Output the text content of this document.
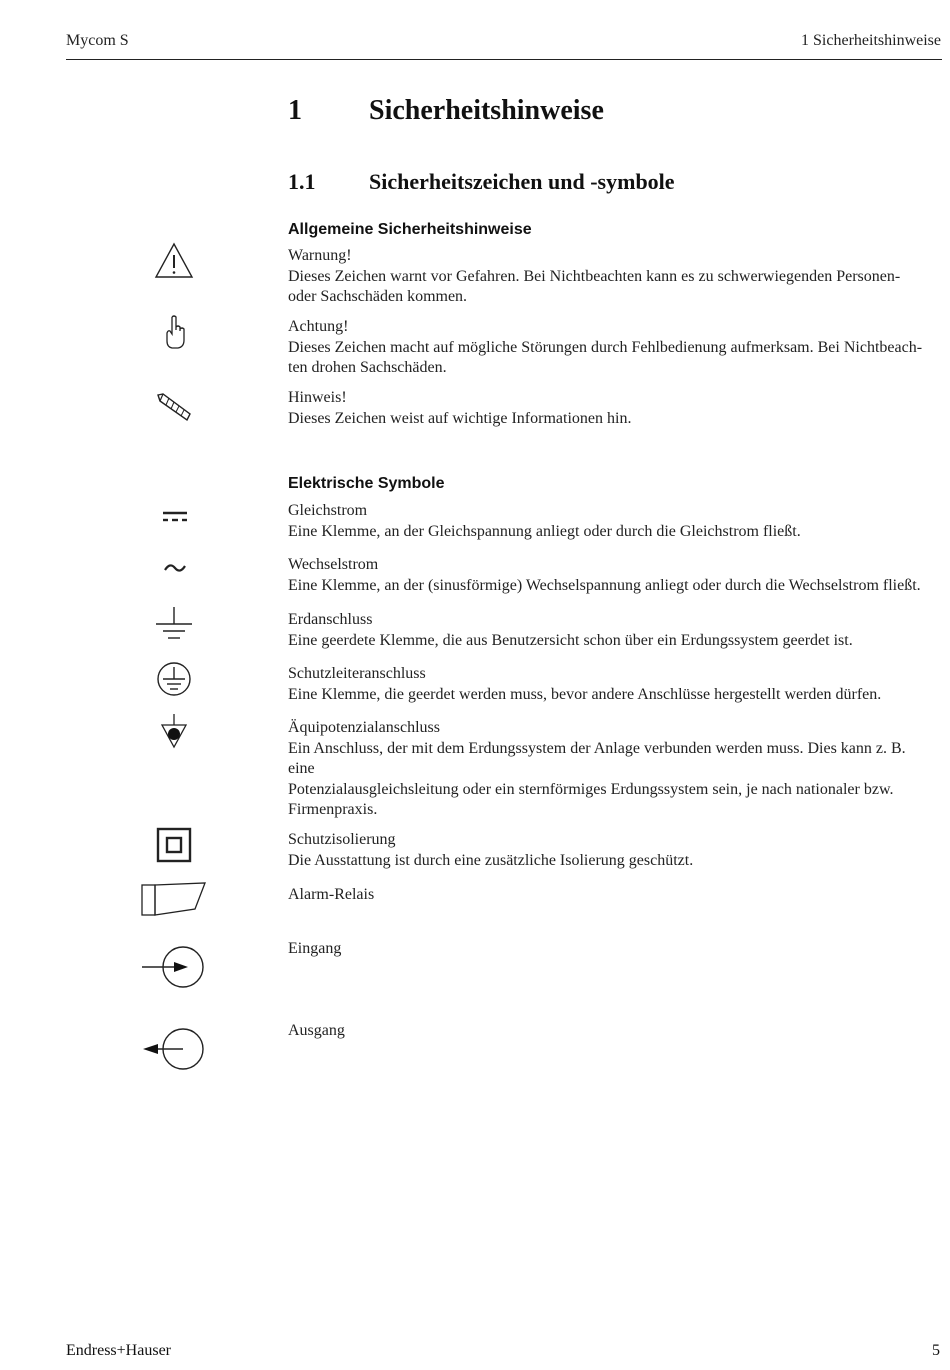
Mycom S	1 Sicherheitshinweise
1 Sicherheitshinweise
1.1 Sicherheitszeichen und -symbole
Allgemeine Sicherheitshinweise
Warnung!
Dieses Zeichen warnt vor Gefahren. Bei Nichtbeachten kann es zu schwerwiegenden Personen-
oder Sachschäden kommen.
Achtung!
Dieses Zeichen macht auf mögliche Störungen durch Fehlbedienung aufmerksam. Bei Nichtbeach-
ten drohen Sachschäden.
Hinweis!
Dieses Zeichen weist auf wichtige Informationen hin.
Elektrische Symbole
Gleichstrom
Eine Klemme, an der Gleichspannung anliegt oder durch die Gleichstrom fließt.
Wechselstrom
Eine Klemme, an der (sinusförmige) Wechselspannung anliegt oder durch die Wechselstrom fließt.
Erdanschluss
Eine geerdete Klemme, die aus Benutzersicht schon über ein Erdungssystem geerdet ist.
Schutzleiteranschluss
Eine Klemme, die geerdet werden muss, bevor andere Anschlüsse hergestellt werden dürfen.
Äquipotenzialanschluss
Ein Anschluss, der mit dem Erdungssystem der Anlage verbunden werden muss. Dies kann z. B.
eine
Potenzialausgleichsleitung oder ein sternförmiges Erdungssystem sein, je nach nationaler bzw.
Firmenpraxis.
Schutzisolierung
Die Ausstattung ist durch eine zusätzliche Isolierung geschützt.
Alarm-Relais
Eingang
Ausgang
Endress+Hauser	5
